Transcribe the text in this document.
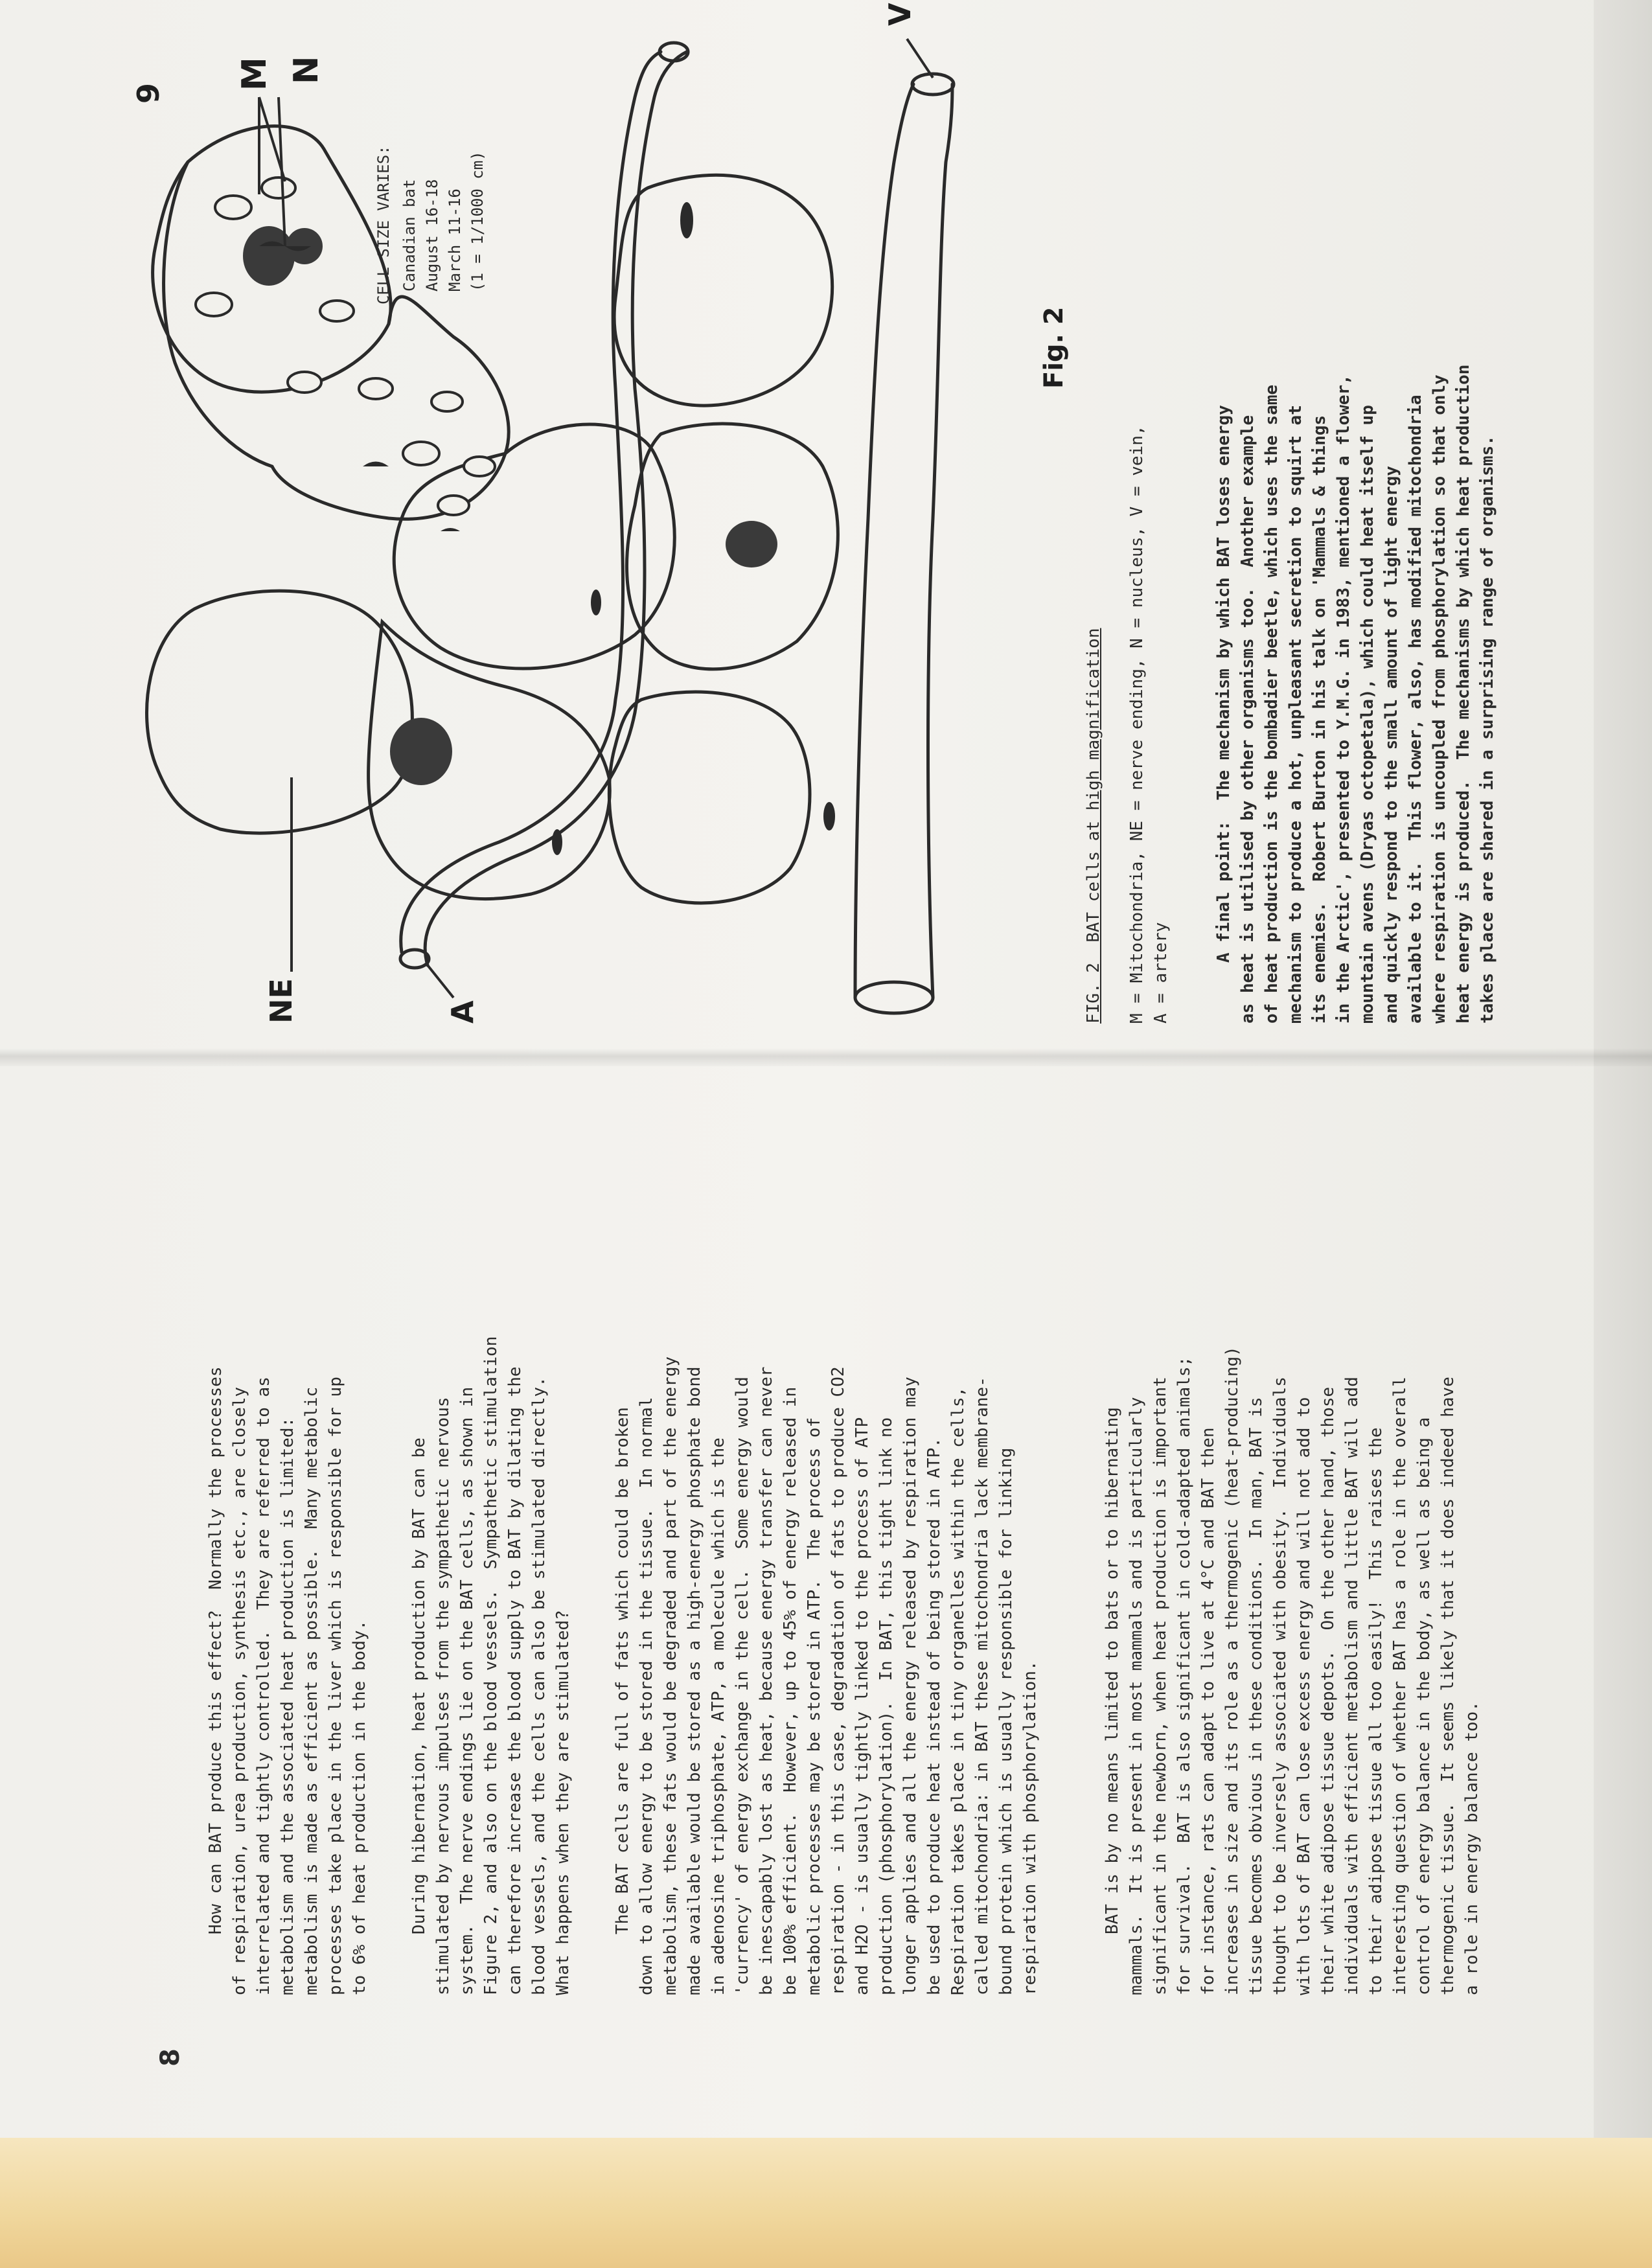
8

How can BAT produce this effect?  Normally the processes
of respiration, urea production, synthesis etc., are closely
interrelated and tightly controlled.  They are referred to as
metabolism and the associated heat production is limited:
metabolism is made as efficient as possible.  Many metabolic
processes take place in the liver which is responsible for up
to 6% of heat production in the body.

During hibernation, heat production by BAT can be
stimulated by nervous impulses from the sympathetic nervous
system.  The nerve endings lie on the BAT cells, as shown in
Figure 2, and also on the blood vessels.  Sympathetic stimulation
can therefore increase the blood supply to BAT by dilating the
blood vessels, and the cells can also be stimulated directly.
What happens when they are stimulated?

The BAT cells are full of fats which could be broken
down to allow energy to be stored in the tissue.  In normal
metabolism, these fats would be degraded and part of the energy
made available would be stored as a high-energy phosphate bond
in adenosine triphosphate, ATP, a molecule which is the
'currency' of energy exchange in the cell.  Some energy would
be inescapably lost as heat, because energy transfer can never
be 100% efficient.  However, up to 45% of energy released in
metabolic processes may be stored in ATP.  The process of
respiration - in this case, degradation of fats to produce CO2
and H2O - is usually tightly linked to the process of ATP
production (phosphorylation).  In BAT, this tight link no
longer applies and all the energy released by respiration may
be used to produce heat instead of being stored in ATP.
Respiration takes place in tiny organelles within the cells,
called mitochondria: in BAT these mitochondria lack membrane-
bound protein which is usually responsible for linking
respiration with phosphorylation.

BAT is by no means limited to bats or to hibernating
mammals.  It is present in most mammals and is particularly
significant in the newborn, when heat production is important
for survival.  BAT is also significant in cold-adapted animals;
for instance, rats can adapt to live at 4°C and BAT then
increases in size and its role as a thermogenic (heat-producing)
tissue becomes obvious in these conditions.  In man, BAT is
thought to be inversely associated with obesity.  Individuals
with lots of BAT can lose excess energy and will not add to
their white adipose tissue depots.  On the other hand, those
individuals with efficient metabolism and little BAT will add
to their adipose tissue all too easily!  This raises the
interesting question of whether BAT has a role in the overall
control of energy balance in the body, as well as being a
thermogenic tissue.  It seems likely that it does indeed have
a role in energy balance too.

M N
NE	A
V
9
Fig. 2
CELL SIZE VARIES: Canadian bat August 16-18 March 11-16 (1 = 1/1000 cm)
FIG. 2  BAT cells at high magnification M = Mitochondria, NE = nerve ending, N = nucleus, V = vein,
A = artery	A final point:  The mechanism by which BAT loses energy
as heat is utilised by other organisms too.  Another example
of heat production is the bombadier beetle, which uses the same
mechanism to produce a hot, unpleasant secretion to squirt at
its enemies.  Robert Burton in his talk on 'Mammals & things
in the Arctic', presented to Y.M.G. in 1983, mentioned a flower,
mountain avens (Dryas octopetala), which could heat itself up
and quickly respond to the small amount of light energy
available to it.  This flower, also, has modified mitochondria
where respiration is uncoupled from phosphorylation so that only
heat energy is produced.  The mechanisms by which heat production
takes place are shared in a surprising range of organisms.
